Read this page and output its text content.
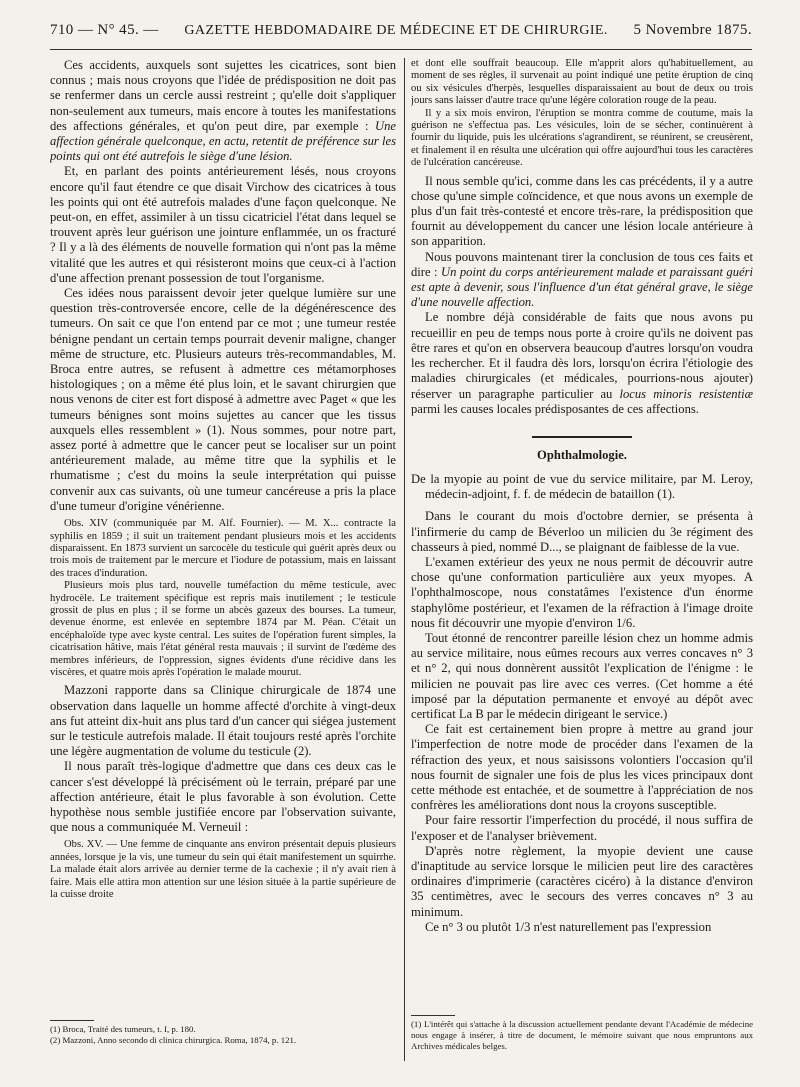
710 — N° 45. — GAZETTE HEBDOMADAIRE DE MÉDECINE ET DE CHIRURGIE. 5 Novembre 1875.

Ces accidents, auxquels sont sujettes les cicatrices, sont bien connus ; mais nous croyons que l'idée de prédisposition ne doit pas se renfermer dans un cercle aussi restreint ; qu'elle doit s'appliquer non-seulement aux tumeurs, mais encore à toutes les manifestations des affections générales, et qu'on peut dire, par exemple : Une affection générale quelconque, en actu, retentit de préférence sur les points qui ont été autrefois le siège d'une lésion.

Et, en parlant des points antérieurement lésés, nous croyons encore qu'il faut étendre ce que disait Virchow des cicatrices à tous les points qui ont été autrefois malades d'une façon quelconque. Ne peut-on, en effet, assimiler à un tissu cicatriciel l'état dans lequel se trouvent après leur guérison une jointure enflammée, un os fracturé ? Il y a là des éléments de nouvelle formation qui n'ont pas la même vitalité que les autres et qui résisteront moins que ceux-ci à l'action d'une affection prenant possession de tout l'organisme.

Ces idées nous paraissent devoir jeter quelque lumière sur une question très-controversée encore, celle de la dégénérescence des tumeurs. On sait ce que l'on entend par ce mot ; une tumeur restée bénigne pendant un certain temps pourrait devenir maligne, changer même de structure, etc. Plusieurs auteurs très-recommandables, M. Broca entre autres, se refusent à admettre ces métamorphoses histologiques ; on a même été plus loin, et le savant chirurgien que nous venons de citer est fort disposé à admettre avec Paget « que les tumeurs bénignes sont moins sujettes au cancer que les tissus auxquels elles ressemblent » (1). Nous sommes, pour notre part, assez porté à admettre que le cancer peut se localiser sur un point antérieurement malade, au même titre que la syphilis et le rhumatisme ; c'est du moins la seule interprétation qui puisse convenir aux cas suivants, où une tumeur cancéreuse a pris la place d'une tumeur d'origine vénérienne.

Obs. XIV (communiquée par M. Alf. Fournier). — M. X... contracte la syphilis en 1859 ; il suit un traitement pendant plusieurs mois et les accidents disparaissent. En 1873 survient un sarcocèle du testicule qui guérit après deux ou trois mois de traitement par le mercure et l'iodure de potassium, mais en laissant des traces d'induration.

Plusieurs mois plus tard, nouvelle tuméfaction du même testicule, avec hydrocèle. Le traitement spécifique est repris mais inutilement ; le testicule grossit de plus en plus ; il se forme un abcès gazeux des bourses. La tumeur, devenue énorme, est enlevée en septembre 1874 par M. Péan. C'était un encéphaloïde type avec kyste central. Les suites de l'opération furent simples, la cicatrisation hâtive, mais l'état général resta mauvais ; il survint de l'œdème des membres inférieurs, de l'oppression, signes évidents d'une récidive dans les viscères, et quatre mois après l'opération le malade mourut.

Mazzoni rapporte dans sa Clinique chirurgicale de 1874 une observation dans laquelle un homme affecté d'orchite à vingt-deux ans fut atteint dix-huit ans plus tard d'un cancer qui siégea justement sur le testicule autrefois malade. Il était toujours resté après l'orchite une légère augmentation de volume du testicule (2).

Il nous paraît très-logique d'admettre que dans ces deux cas le cancer s'est développé là précisément où le terrain, préparé par une affection antérieure, était le plus favorable à son évolution. Cette hypothèse nous semble justifiée encore par l'observation suivante, que nous a communiquée M. Verneuil :

Obs. XV. — Une femme de cinquante ans environ présentait depuis plusieurs années, lorsque je la vis, une tumeur du sein qui était manifestement un squirrhe. La malade était alors arrivée au dernier terme de la cachexie ; il n'y avait rien à faire. Mais elle attira mon attention sur une lésion située à la partie supérieure de la cuisse droite

et dont elle souffrait beaucoup. Elle m'apprit alors qu'habituellement, au moment de ses règles, il survenait au point indiqué une petite éruption de cinq ou six vésicules d'herpès, lesquelles disparaissaient au bout de deux ou trois jours sans laisser d'autre trace qu'une légère coloration rouge de la peau.

Il y a six mois environ, l'éruption se montra comme de coutume, mais la guérison ne s'effectua pas. Les vésicules, loin de se sécher, continuèrent à fournir du liquide, puis les ulcérations s'agrandirent, se réunirent, se creusèrent, et finalement il en résulta une ulcération qui offre aujourd'hui tous les caractères de l'ulcération cancéreuse.

Il nous semble qu'ici, comme dans les cas précédents, il y a autre chose qu'une simple coïncidence, et que nous avons un exemple de plus d'un fait très-contesté et encore très-rare, la prédisposition que fournit au développement du cancer une lésion locale antérieure à son apparition.

Nous pouvons maintenant tirer la conclusion de tous ces faits et dire : Un point du corps antérieurement malade et paraissant guéri est apte à devenir, sous l'influence d'un état général grave, le siège d'une nouvelle affection.

Le nombre déjà considérable de faits que nous avons pu recueillir en peu de temps nous porte à croire qu'ils ne doivent pas être rares et qu'on en observera beaucoup d'autres lorsqu'on voudra les rechercher. Et il faudra dès lors, lorsqu'on écrira l'étiologie des maladies chirurgicales (et médicales, pourrions-nous ajouter) réserver un paragraphe particulier au locus minoris resistentiæ parmi les causes locales prédisposantes de ces affections.

Ophthalmologie.
De la myopie au point de vue du service militaire, par M. Leroy, médecin-adjoint, f. f. de médecin de bataillon (1).

Dans le courant du mois d'octobre dernier, se présenta à l'infirmerie du camp de Béverloo un milicien du 3e régiment des chasseurs à pied, nommé D..., se plaignant de faiblesse de la vue.

L'examen extérieur des yeux ne nous permit de découvrir autre chose qu'une conformation particulière aux yeux myopes. A l'ophthalmoscope, nous constatâmes l'existence d'un énorme staphylôme postérieur, et l'examen de la réfraction à l'image droite nous fit découvrir une myopie d'environ 1/6.

Tout étonné de rencontrer pareille lésion chez un homme admis au service militaire, nous eûmes recours aux verres concaves n° 3 et n° 2, qui nous donnèrent aussitôt l'explication de l'énigme : le milicien ne pouvait pas lire avec ces verres. (Cet homme a été imposé par la députation permanente et envoyé au dépôt avec certificat La B par le médecin dirigeant le service.)

Ce fait est certainement bien propre à mettre au grand jour l'imperfection de notre mode de procéder dans l'examen de la réfraction des yeux, et nous saisissons volontiers l'occasion qu'il nous fournit de signaler une fois de plus les vices principaux dont cette méthode est entachée, et de soumettre à l'appréciation de nos confrères les améliorations dont nous la croyons susceptible.

Pour faire ressortir l'imperfection du procédé, il nous suffira de l'exposer et de l'analyser brièvement.

D'après notre règlement, la myopie devient une cause d'inaptitude au service lorsque le milicien peut lire des caractères ordinaires d'imprimerie (caractères cicéro) à la distance d'environ 35 centimètres, avec le secours des verres concaves n° 3 au minimum.

Ce n° 3 ou plutôt 1/3 n'est naturellement pas l'expression

(1) Broca, Traité des tumeurs, t. I, p. 180.
(2) Mazzoni, Anno secondo di clinica chirurgica. Roma, 1874, p. 121.
(1) L'intérêt qui s'attache à la discussion actuellement pendante devant l'Académie de médecine nous engage à insérer, à titre de document, le mémoire suivant que nous empruntons aux Archives médicales belges.
